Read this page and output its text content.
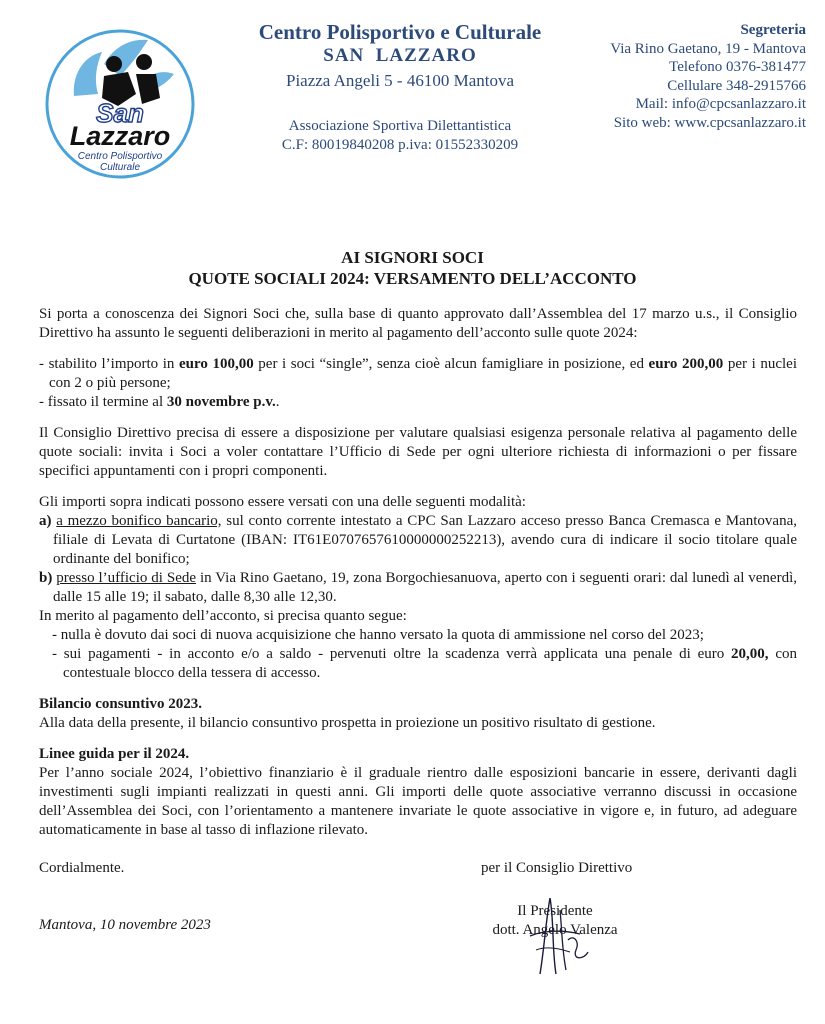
San
Lazzaro
Centro Polisportivo
Culturale
Centro Polisportivo e Culturale
SAN  LAZZARO
Piazza Angeli 5 - 46100 Mantova
Associazione Sportiva Dilettantistica
C.F: 80019840208 p.iva: 01552330209
Segreteria
Via Rino Gaetano, 19 - Mantova
Telefono 0376-381477
Cellulare 348-2915766
Mail: info@cpcsanlazzaro.it
Sito web: www.cpcsanlazzaro.it
AI SIGNORI SOCI
QUOTE SOCIALI 2024: VERSAMENTO DELL’ACCONTO

Si porta a conoscenza dei Signori Soci che, sulla base di quanto approvato dall’Assemblea del 17 marzo u.s., il Consiglio Direttivo ha assunto le seguenti deliberazioni in merito al pagamento dell’acconto sulle quote 2024:

- stabilito l’importo in euro 100,00 per i soci “single”, senza cioè alcun famigliare in posizione, ed euro 200,00 per i nuclei con 2 o più persone;

- fissato il termine al 30 novembre p.v..

Il Consiglio Direttivo precisa di essere a disposizione per valutare qualsiasi esigenza personale relativa al pagamento delle quote sociali: invita i Soci a voler contattare l’Ufficio di Sede per ogni ulteriore richiesta di informazioni o per fissare specifici appuntamenti con i propri componenti.

Gli importi sopra indicati possono essere versati con una delle seguenti modalità:

a) a mezzo bonifico bancario, sul conto corrente intestato a CPC San Lazzaro acceso presso Banca Cremasca e Mantovana, filiale di Levata di Curtatone (IBAN: IT61E0707657610000000252213), avendo cura di indicare il socio titolare quale ordinante del bonifico;

b) presso l’ufficio di Sede in Via Rino Gaetano, 19, zona Borgochiesanuova, aperto con i seguenti orari: dal lunedì al venerdì, dalle 15 alle 19; il sabato, dalle 8,30 alle 12,30.

In merito al pagamento dell’acconto, si precisa quanto segue:

- nulla è dovuto dai soci di nuova acquisizione che hanno versato la quota di ammissione nel corso del 2023;

- sui pagamenti - in acconto e/o a saldo - pervenuti oltre la scadenza verrà applicata una penale di euro 20,00, con contestuale blocco della tessera di accesso.

Bilancio consuntivo 2023.

Alla data della presente, il bilancio consuntivo prospetta in proiezione un positivo risultato di gestione.

Linee guida per il 2024.

Per l’anno sociale 2024, l’obiettivo finanziario è il graduale rientro dalle esposizioni bancarie in essere, derivanti dagli investimenti sugli impianti realizzati in questi anni. Gli importi delle quote associative verranno discussi in occasione dell’Assemblea dei Soci, con l’orientamento a mantenere invariate le quote associative in vigore e, in futuro, ad adeguare automaticamente in base al tasso di inflazione rilevato.

Cordialmente.	per il Consiglio Direttivo
Il Presidente
dott. Angelo Valenza
Mantova, 10 novembre 2023
